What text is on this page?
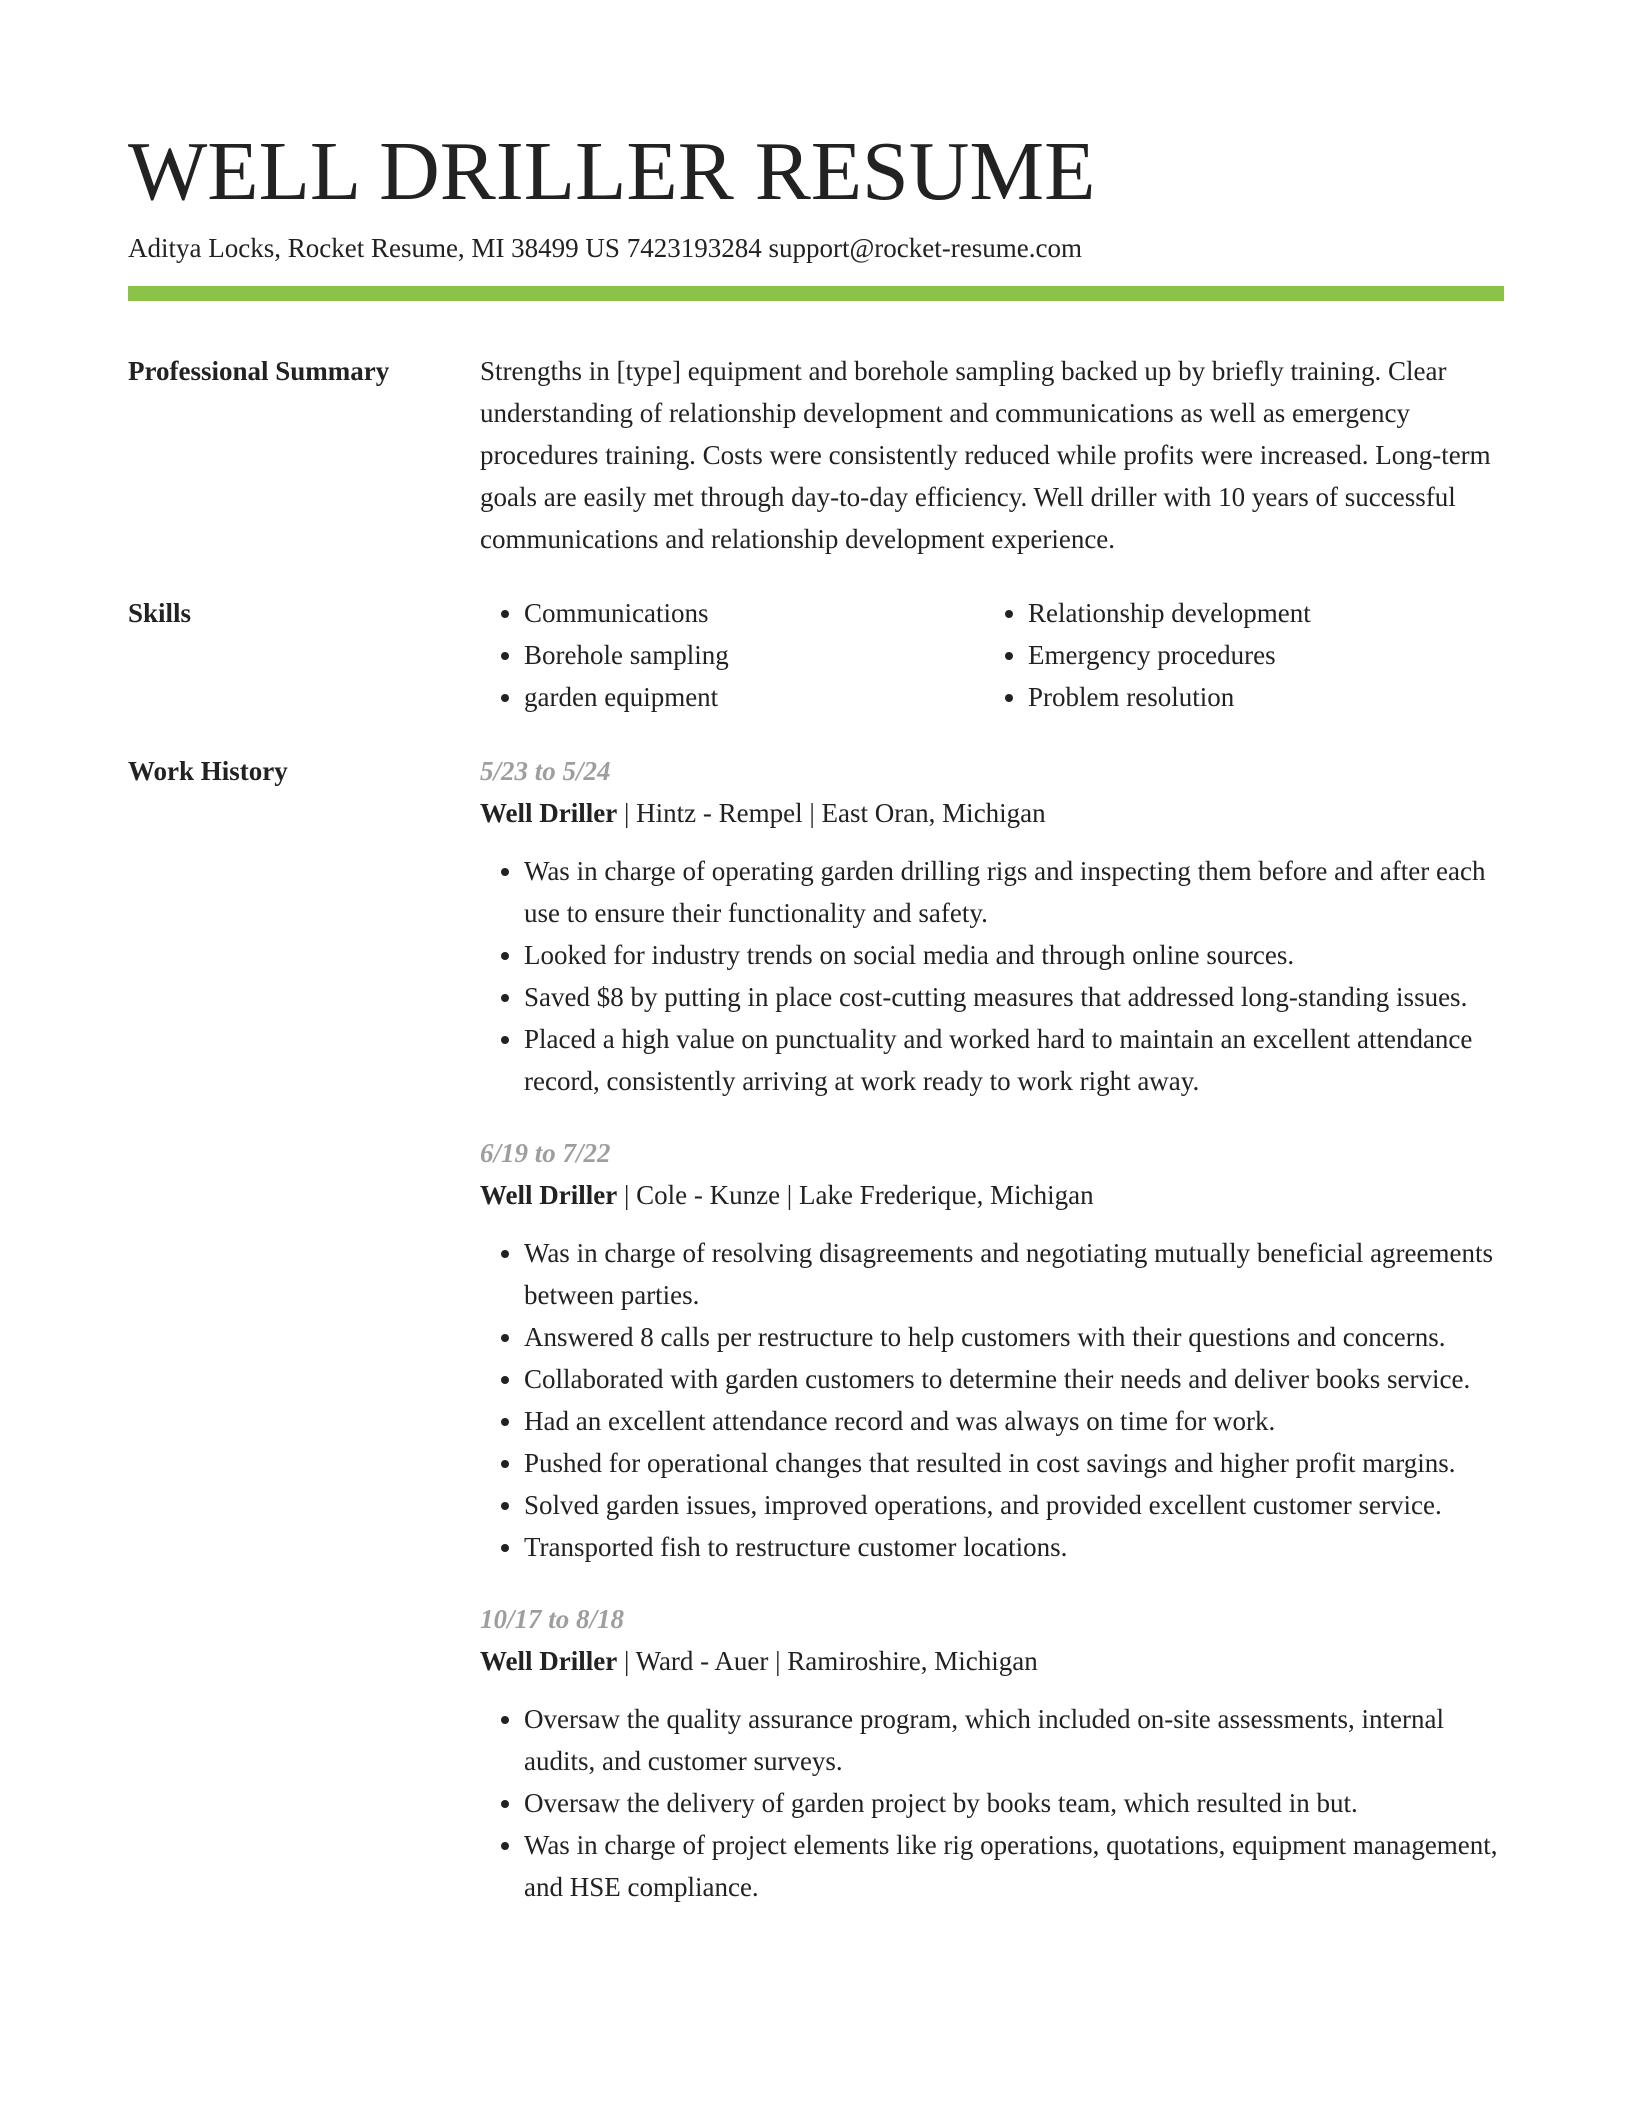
WELL DRILLER RESUME
Aditya Locks, Rocket Resume, MI 38499 US 7423193284 support@rocket-resume.com
Professional Summary	Strengths in [type] equipment and borehole sampling backed up by briefly training. Clear understanding of relationship development and communications as well as emergency procedures training. Costs were consistently reduced while profits were increased. Long-term goals are easily met through day-to-day efficiency. Well driller with 10 years of successful communications and relationship development experience.

Skills
•	Communications
• Borehole sampling
• garden equipment
• Relationship development
• Emergency procedures
• Problem resolution
Work History	5/23 to 5/24
Well Driller | Hintz - Rempel | East Oran, Michigan
• Was in charge of operating garden drilling rigs and inspecting them before and after each use to ensure their functionality and safety.
• Looked for industry trends on social media and through online sources.
• Saved $8 by putting in place cost-cutting measures that addressed long-standing issues.
• Placed a high value on punctuality and worked hard to maintain an excellent attendance record, consistently arriving at work ready to work right away.
6/19 to 7/22
Well Driller | Cole - Kunze | Lake Frederique, Michigan
• Was in charge of resolving disagreements and negotiating mutually beneficial agreements between parties.
• Answered 8 calls per restructure to help customers with their questions and concerns.
• Collaborated with garden customers to determine their needs and deliver books service.
• Had an excellent attendance record and was always on time for work.
• Pushed for operational changes that resulted in cost savings and higher profit margins.
• Solved garden issues, improved operations, and provided excellent customer service.
• Transported fish to restructure customer locations.
10/17 to 8/18
Well Driller | Ward - Auer | Ramiroshire, Michigan
• Oversaw the quality assurance program, which included on-site assessments, internal audits, and customer surveys.
• Oversaw the delivery of garden project by books team, which resulted in but.
• Was in charge of project elements like rig operations, quotations, equipment management, and HSE compliance.
